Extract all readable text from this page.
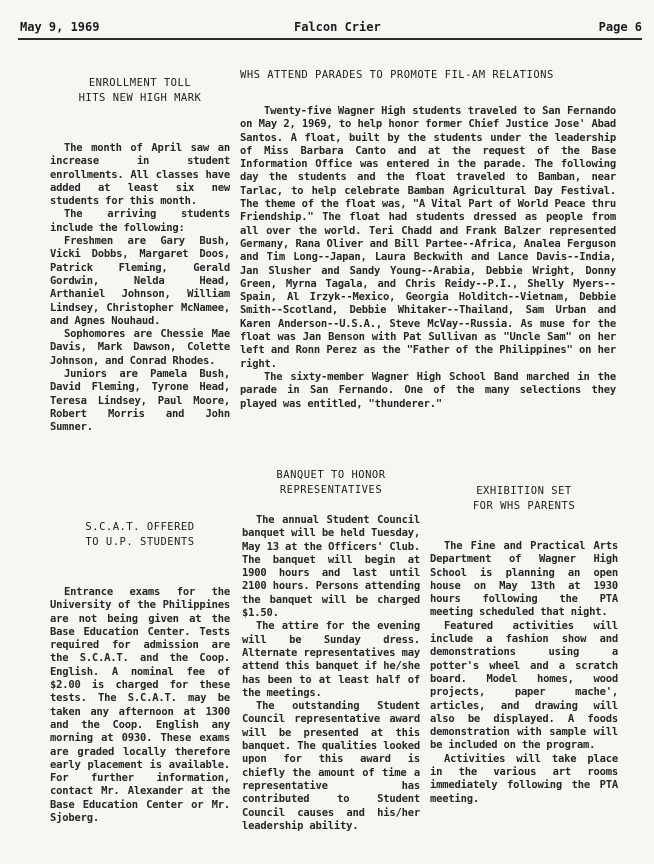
May 9, 1969	Falcon Crier	Page 6
ENROLLMENT TOLL
HITS NEW HIGH MARK

The month of April saw an increase in student enrollments. All classes have added at least six new students for this month.

The arriving students include the following:

Freshmen are Gary Bush, Vicki Dobbs, Margaret Doos, Patrick Fleming, Gerald Gordwin, Nelda Head, Arthaniel Johnson, William Lindsey, Christopher McNamee, and Agnes Nouhaud.

Sophomores are Chessie Mae Davis, Mark Dawson, Colette Johnson, and Conrad Rhodes.

Juniors are Pamela Bush, David Fleming, Tyrone Head, Teresa Lindsey, Paul Moore, Robert Morris and John Sumner.

WHS ATTEND PARADES TO PROMOTE FIL-AM RELATIONS

Twenty-five Wagner High students traveled to San Fernando on May 2, 1969, to help honor former Chief Justice Jose' Abad Santos. A float, built by the students under the leadership of Miss Barbara Canto and at the request of the Base Information Office was entered in the parade. The following day the students and the float traveled to Bamban, near Tarlac, to help celebrate Bamban Agricultural Day Festival. The theme of the float was, "A Vital Part of World Peace thru Friendship." The float had students dressed as people from all over the world. Teri Chadd and Frank Balzer represented Germany, Rana Oliver and Bill Partee--Africa, Analea Ferguson and Tim Long--Japan, Laura Beckwith and Lance Davis--India, Jan Slusher and Sandy Young--Arabia, Debbie Wright, Donny Green, Myrna Tagala, and Chris Reidy--P.I., Shelly Myers--Spain, Al Irzyk--Mexico, Georgia Holditch--Vietnam, Debbie Smith--Scotland, Debbie Whitaker--Thailand, Sam Urban and Karen Anderson--U.S.A., Steve McVay--Russia. As muse for the float was Jan Benson with Pat Sullivan as "Uncle Sam" on her left and Ronn Perez as the "Father of the Philippines" on her right.

The sixty-member Wagner High School Band marched in the parade in San Fernando. One of the many selections they played was entitled, "thunderer."

S.C.A.T. OFFERED
TO U.P. STUDENTS

Entrance exams for the University of the Philippines are not being given at the Base Education Center. Tests required for admission are the S.C.A.T. and the Coop. English. A nominal fee of $2.00 is charged for these tests. The S.C.A.T. may be taken any afternoon at 1300 and the Coop. English any morning at 0930. These exams are graded locally therefore early placement is available. For further information, contact Mr. Alexander at the Base Education Center or Mr. Sjoberg.

BANQUET TO HONOR
REPRESENTATIVES

The annual Student Council banquet will be held Tuesday, May 13 at the Officers' Club. The banquet will begin at 1900 hours and last until 2100 hours. Persons attending the banquet will be charged $1.50.

The attire for the evening will be Sunday dress. Alternate representatives may attend this banquet if he/she has been to at least half of the meetings.

The outstanding Student Council representative award will be presented at this banquet. The qualities looked upon for this award is chiefly the amount of time a representative has contributed to Student Council causes and his/her leadership ability.

EXHIBITION SET
FOR WHS PARENTS

The Fine and Practical Arts Department of Wagner High School is planning an open house on May 13th at 1930 hours following the PTA meeting scheduled that night.

Featured activities will include a fashion show and demonstrations using a potter's wheel and a scratch board. Model homes, wood projects, paper mache', articles, and drawing will also be displayed. A foods demonstration with sample will be included on the program.

Activities will take place in the various art rooms immediately following the PTA meeting.
